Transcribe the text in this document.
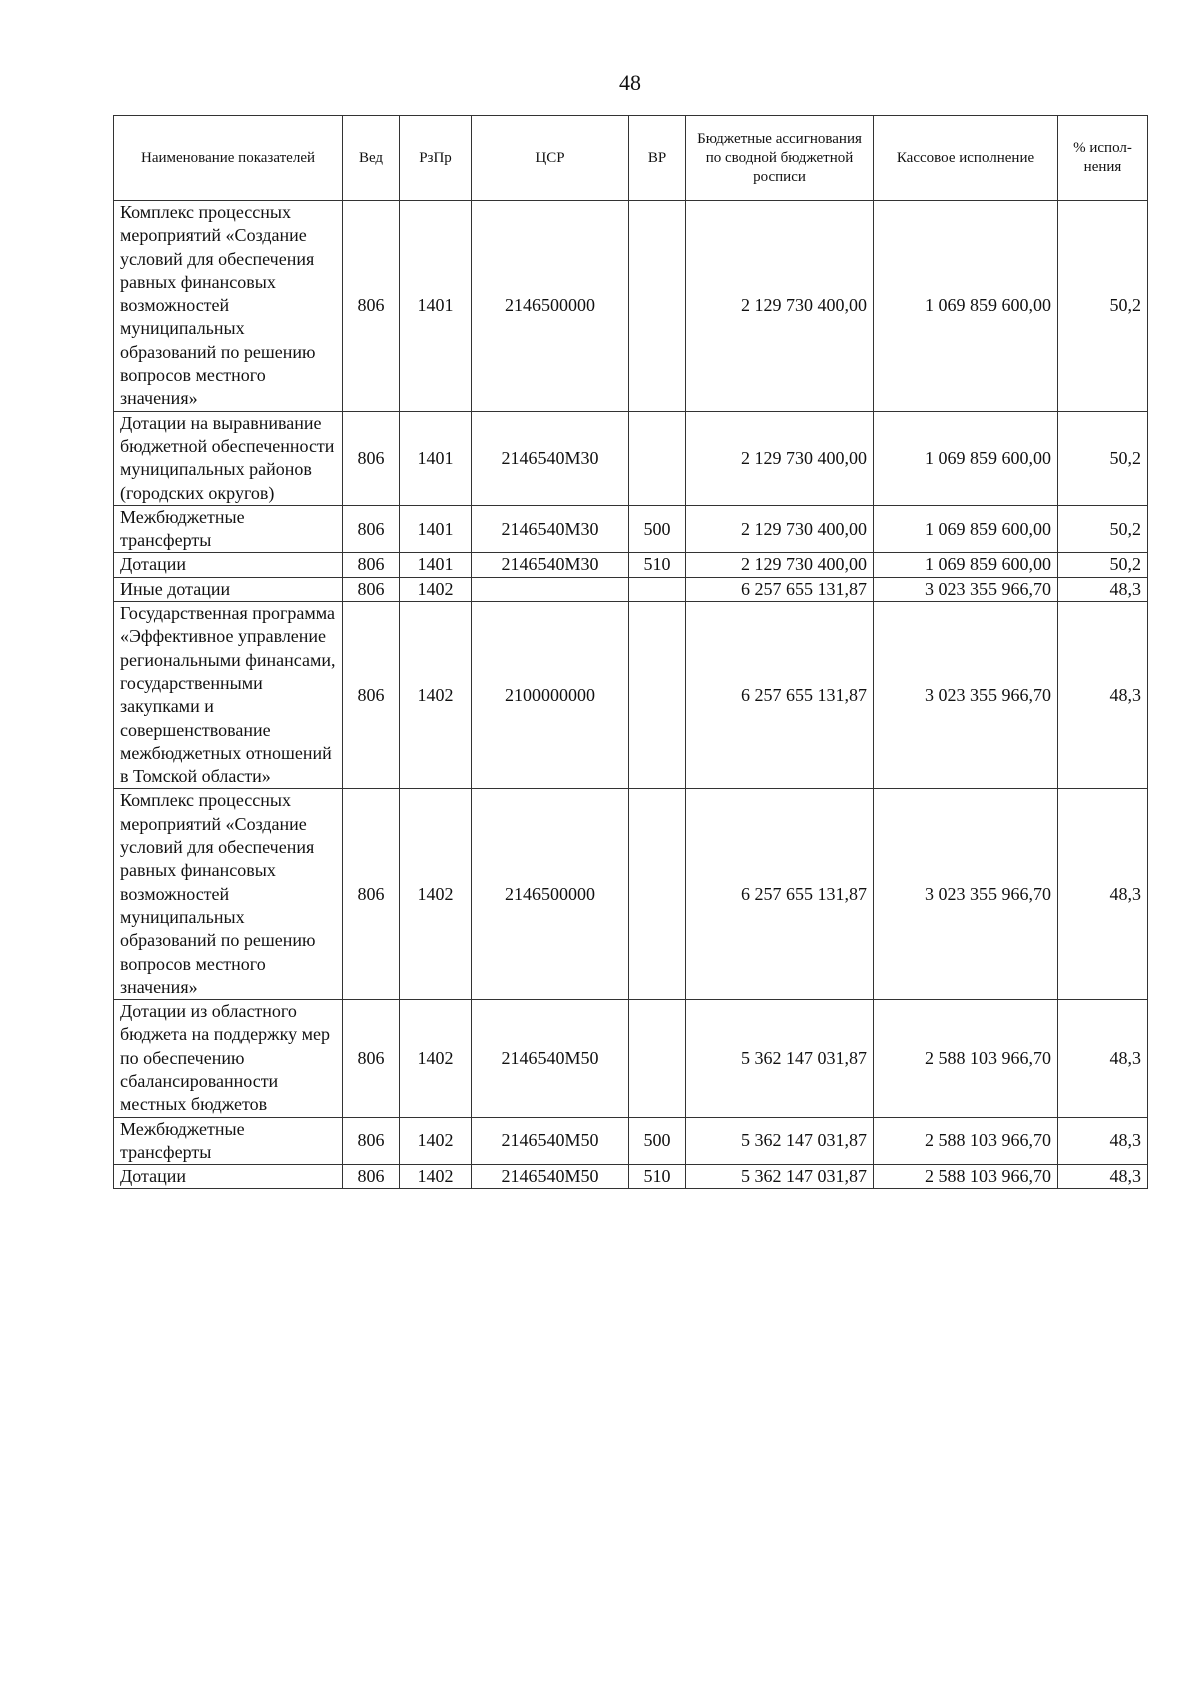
48
Наименование показателей	Вед	РзПр	ЦСР	ВР	Бюджетные ассигнования по сводной бюджетной росписи	Кассовое исполнение	% испол-нения
Комплекс процессных мероприятий «Создание условий для обеспечения равных финансовых возможностей муниципальных образований по решению вопросов местного значения»	806	1401	2146500000		2 129 730 400,00	1 069 859 600,00	50,2
Дотации на выравнивание бюджетной обеспеченности муниципальных районов (городских округов)	806	1401	2146540М30		2 129 730 400,00	1 069 859 600,00	50,2
Межбюджетные трансферты	806	1401	2146540М30	500	2 129 730 400,00	1 069 859 600,00	50,2
Дотации	806	1401	2146540М30	510	2 129 730 400,00	1 069 859 600,00	50,2
Иные дотации	806	1402			6 257 655 131,87	3 023 355 966,70	48,3
Государственная программа «Эффективное управление региональными финансами, государственными закупками и совершенствование межбюджетных отношений в Томской области»	806	1402	2100000000		6 257 655 131,87	3 023 355 966,70	48,3
Комплекс процессных мероприятий «Создание условий для обеспечения равных финансовых возможностей муниципальных образований по решению вопросов местного значения»	806	1402	2146500000		6 257 655 131,87	3 023 355 966,70	48,3
Дотации из областного бюджета на поддержку мер по обеспечению сбалансированности местных бюджетов	806	1402	2146540М50		5 362 147 031,87	2 588 103 966,70	48,3
Межбюджетные трансферты	806	1402	2146540М50	500	5 362 147 031,87	2 588 103 966,70	48,3
Дотации	806	1402	2146540М50	510	5 362 147 031,87	2 588 103 966,70	48,3
